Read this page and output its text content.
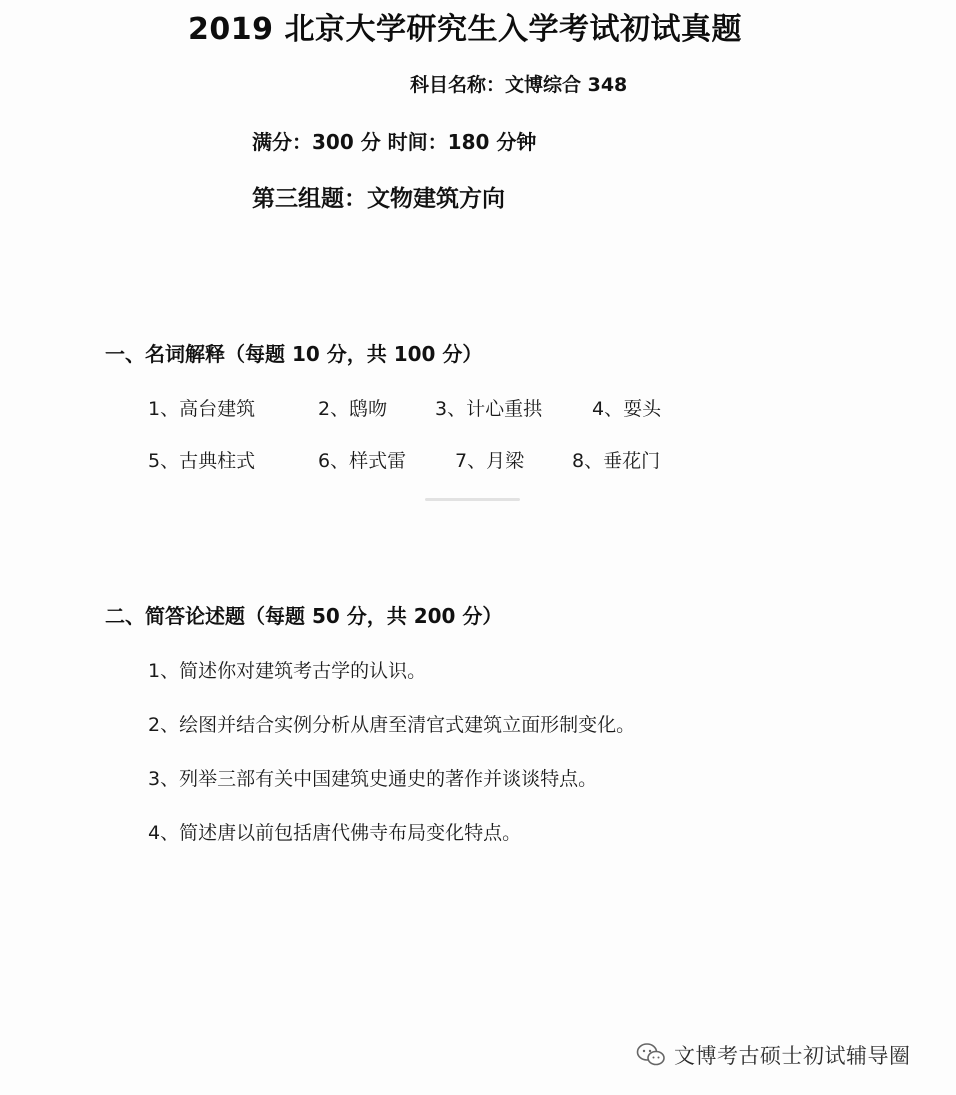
2019 北京大学研究生入学考试初试真题
科目名称：文博综合 348
满分：300 分 时间：180 分钟
第三组题：文物建筑方向
一、名词解释（每题 10 分，共 100 分）
1、高台建筑	2、鸱吻	3、计心重拱	4、耍头
5、古典柱式	6、样式雷	7、月梁	8、垂花门
二、简答论述题（每题 50 分，共 200 分）
1、简述你对建筑考古学的认识。
2、绘图并结合实例分析从唐至清官式建筑立面形制变化。
3、列举三部有关中国建筑史通史的著作并谈谈特点。
4、简述唐以前包括唐代佛寺布局变化特点。
文博考古硕士初试辅导圈
